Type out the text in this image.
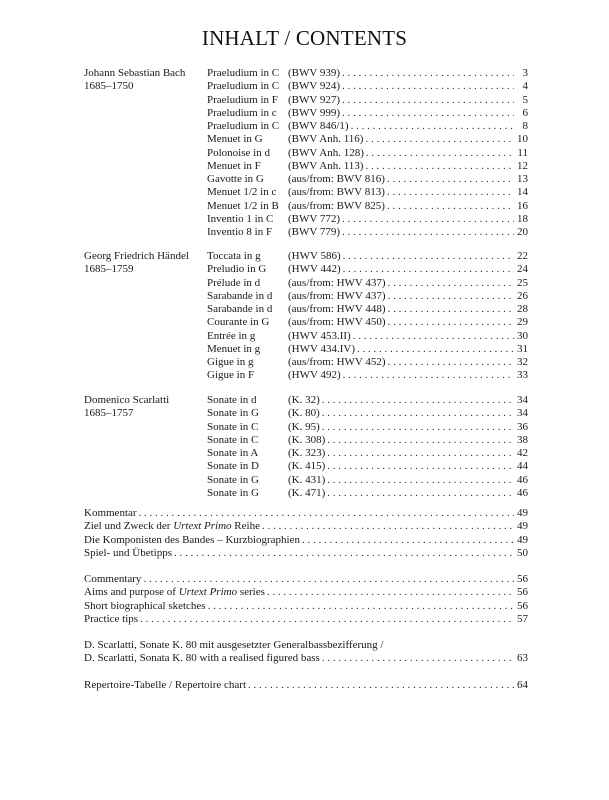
INHALT / CONTENTS
Johann Sebastian Bach
1685–1750
Praeludium in C (BWV 939) . . .	3
Praeludium in C (BWV 924) . . .	4
Praeludium in F (BWV 927) . . .	5
Praeludium in c	(BWV 999) . . .	6
Praeludium in C (BWV 846/1) . . .	8
Menuet in G	(BWV Anh. 116) . . .	10
Polonoise in d	(BWV Anh. 128) . . .	11
Menuet in F	(BWV Anh. 113) . . .	12
Gavotte in G	(aus/from: BWV 816) . . .	13
Menuet 1/2 in c	(aus/from: BWV 813) . . .	14
Menuet 1/2 in B (aus/from: BWV 825) . . .	16
Inventio 1 in C	(BWV 772) . . .	18
Inventio 8 in F	(BWV 779) . . .	20
Georg Friedrich Händel
1685–1759
Toccata in g	(HWV 586) . . .	22
Preludio in G	(HWV 442) . . .	24
Prélude in d	(aus/from: HWV 437) . . .	25
Sarabande in d	(aus/from: HWV 437) . . .	26
Sarabande in d	(aus/from: HWV 448) . . .	28
Courante in G	(aus/from: HWV 450) . . .	29
Entrée in g	(HWV 453.II) . . .	30
Menuet in g	(HWV 434.IV) . . .	31
Gigue in g	(aus/from: HWV 452) . . .	32
Gigue in F	(HWV 492) . . .	33
Domenico Scarlatti
1685–1757
Sonate in d	(K. 32) . . .	34
Sonate in G	(K. 80) . . .	34
Sonate in C	(K. 95) . . .	36
Sonate in C	(K. 308) . . .	38
Sonate in A	(K. 323) . . .	42
Sonate in D	(K. 415) . . .	44
Sonate in G	(K. 431) . . .	46
Sonate in G	(K. 471) . . .	46
Kommentar . . .	49
Ziel und Zweck der Urtext Primo Reihe . . .	49
Die Komponisten des Bandes – Kurzbiographien . . .	49
Spiel- und Übetipps . . .	50
Commentary . . .	56
Aims and purpose of Urtext Primo series . . .	56
Short biographical sketches . . .	56
Practice tips . . .	57
D. Scarlatti, Sonate K. 80 mit ausgesetzter Generalbassbezifferung /
D. Scarlatti, Sonata K. 80 with a realised figured bass . . .	63
Repertoire-Tabelle / Repertoire chart . . .	64
